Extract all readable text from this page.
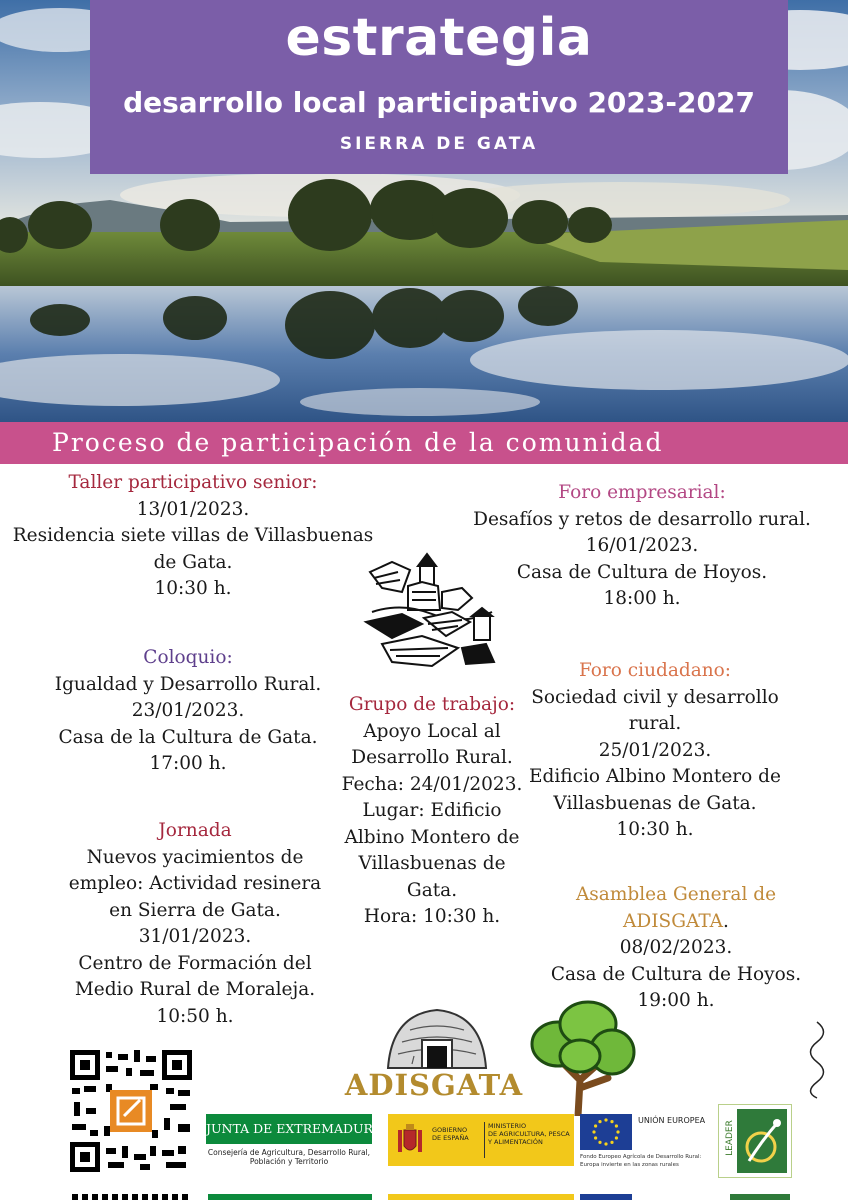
estrategia
desarrollo local participativo 2023-2027
SIERRA DE GATA
Proceso de participación de la comunidad
Taller participativo senior:
13/01/2023.
Residencia siete villas de Villasbuenas
de Gata.
10:30 h.
Coloquio:
Igualdad y Desarrollo Rural.
23/01/2023.
Casa de la Cultura de Gata.
17:00 h.
Jornada
Nuevos yacimientos de
empleo: Actividad resinera
en Sierra de Gata.
31/01/2023.
Centro de Formación del
Medio Rural de Moraleja.
10:50 h.
Grupo de trabajo:
Apoyo Local al
Desarrollo Rural.
Fecha: 24/01/2023.
Lugar: Edificio
Albino Montero de
Villasbuenas de
Gata.
Hora: 10:30 h.
Foro empresarial:
Desafíos y retos de desarrollo rural.
16/01/2023.
Casa de Cultura de Hoyos.
18:00 h.
Foro ciudadano:
Sociedad civil y desarrollo
rural.
25/01/2023.
Edificio Albino Montero de
Villasbuenas de Gata.
10:30 h.
Asamblea General de
ADISGATA.
08/02/2023.
Casa de Cultura de Hoyos.
19:00 h.
ADISGATA
JUNTA DE EXTREMADURA
Consejería de Agricultura, Desarrollo Rural,
Población y Territorio
GOBIERNO
DE ESPAÑA
MINISTERIO
DE AGRICULTURA, PESCA
Y ALIMENTACIÓN
UNIÓN EUROPEA
Fondo Europeo Agrícola de Desarrollo Rural:
Europa invierte en las zonas rurales
LEADER
